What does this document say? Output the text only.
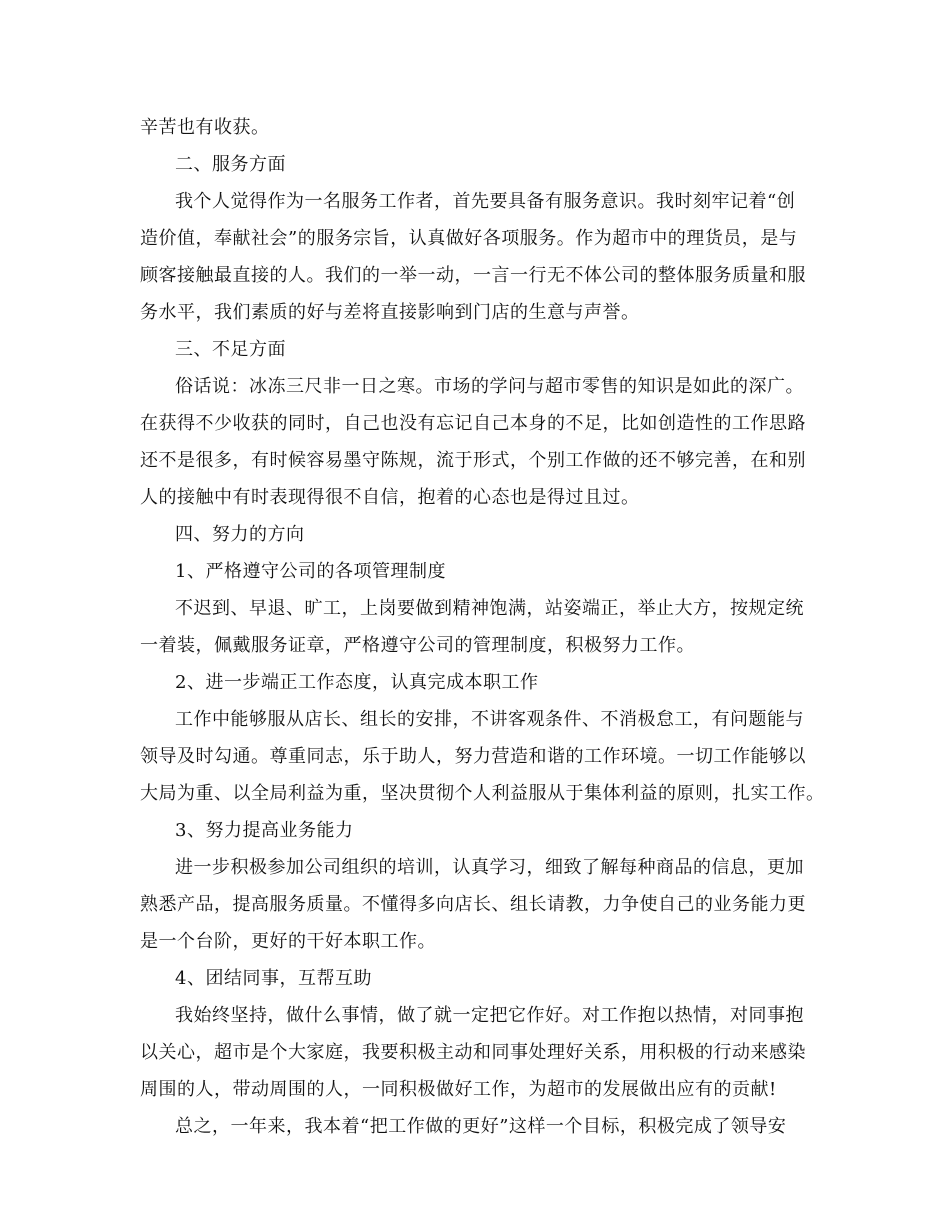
辛苦也有收获。
二、服务方面
我个人觉得作为一名服务工作者，首先要具备有服务意识。我时刻牢记着“创
造价值，奉献社会”的服务宗旨，认真做好各项服务。作为超市中的理货员，是与
顾客接触最直接的人。我们的一举一动，一言一行无不体公司的整体服务质量和服
务水平，我们素质的好与差将直接影响到门店的生意与声誉。
三、不足方面
俗话说：冰冻三尺非一日之寒。市场的学问与超市零售的知识是如此的深广。
在获得不少收获的同时，自己也没有忘记自己本身的不足，比如创造性的工作思路
还不是很多，有时候容易墨守陈规，流于形式，个别工作做的还不够完善，在和别
人的接触中有时表现得很不自信，抱着的心态也是得过且过。
四、努力的方向
1、严格遵守公司的各项管理制度
不迟到、早退、旷工，上岗要做到精神饱满，站姿端正，举止大方，按规定统
一着装，佩戴服务证章，严格遵守公司的管理制度，积极努力工作。
2、进一步端正工作态度，认真完成本职工作
工作中能够服从店长、组长的安排，不讲客观条件、不消极怠工，有问题能与
领导及时勾通。尊重同志，乐于助人，努力营造和谐的工作环境。一切工作能够以
大局为重、以全局利益为重，坚决贯彻个人利益服从于集体利益的原则，扎实工作。
3、努力提高业务能力
进一步积极参加公司组织的培训，认真学习，细致了解每种商品的信息，更加
熟悉产品，提高服务质量。不懂得多向店长、组长请教，力争使自己的业务能力更
是一个台阶，更好的干好本职工作。
4、团结同事，互帮互助
我始终坚持，做什么事情，做了就一定把它作好。对工作抱以热情，对同事抱
以关心，超市是个大家庭，我要积极主动和同事处理好关系，用积极的行动来感染
周围的人，带动周围的人，一同积极做好工作，为超市的发展做出应有的贡献!
总之，一年来，我本着“把工作做的更好”这样一个目标，积极完成了领导安
